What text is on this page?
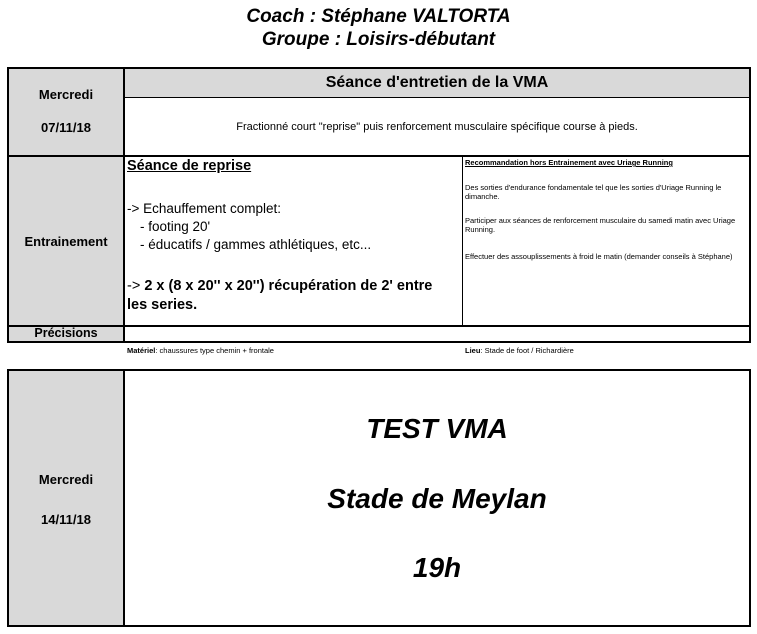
Coach : Stéphane VALTORTA
Groupe : Loisirs-débutant
Mercredi
07/11/18
Entrainement
Précisions
Séance d'entretien de la VMA
Fractionné court "reprise" puis renforcement musculaire spécifique course à pieds.
Séance de reprise
-> Echauffement complet:
- footing 20'
- éducatifs / gammes athlétiques, etc...
-> 2 x (8 x 20'' x 20'') récupération de 2' entre les series.
Recommandation hors Entrainement avec Uriage Running
Des sorties d'endurance fondamentale tel que les sorties d'Uriage Running le dimanche.
Participer aux séances de renforcement musculaire du samedi matin avec Uriage Running.
Effectuer des assouplissements à froid le matin (demander conseils à Stéphane)
Matériel: chaussures type chemin + frontale	Lieu: Stade de foot / Richardière
Mercredi
14/11/18
TEST VMA
Stade de Meylan
19h
